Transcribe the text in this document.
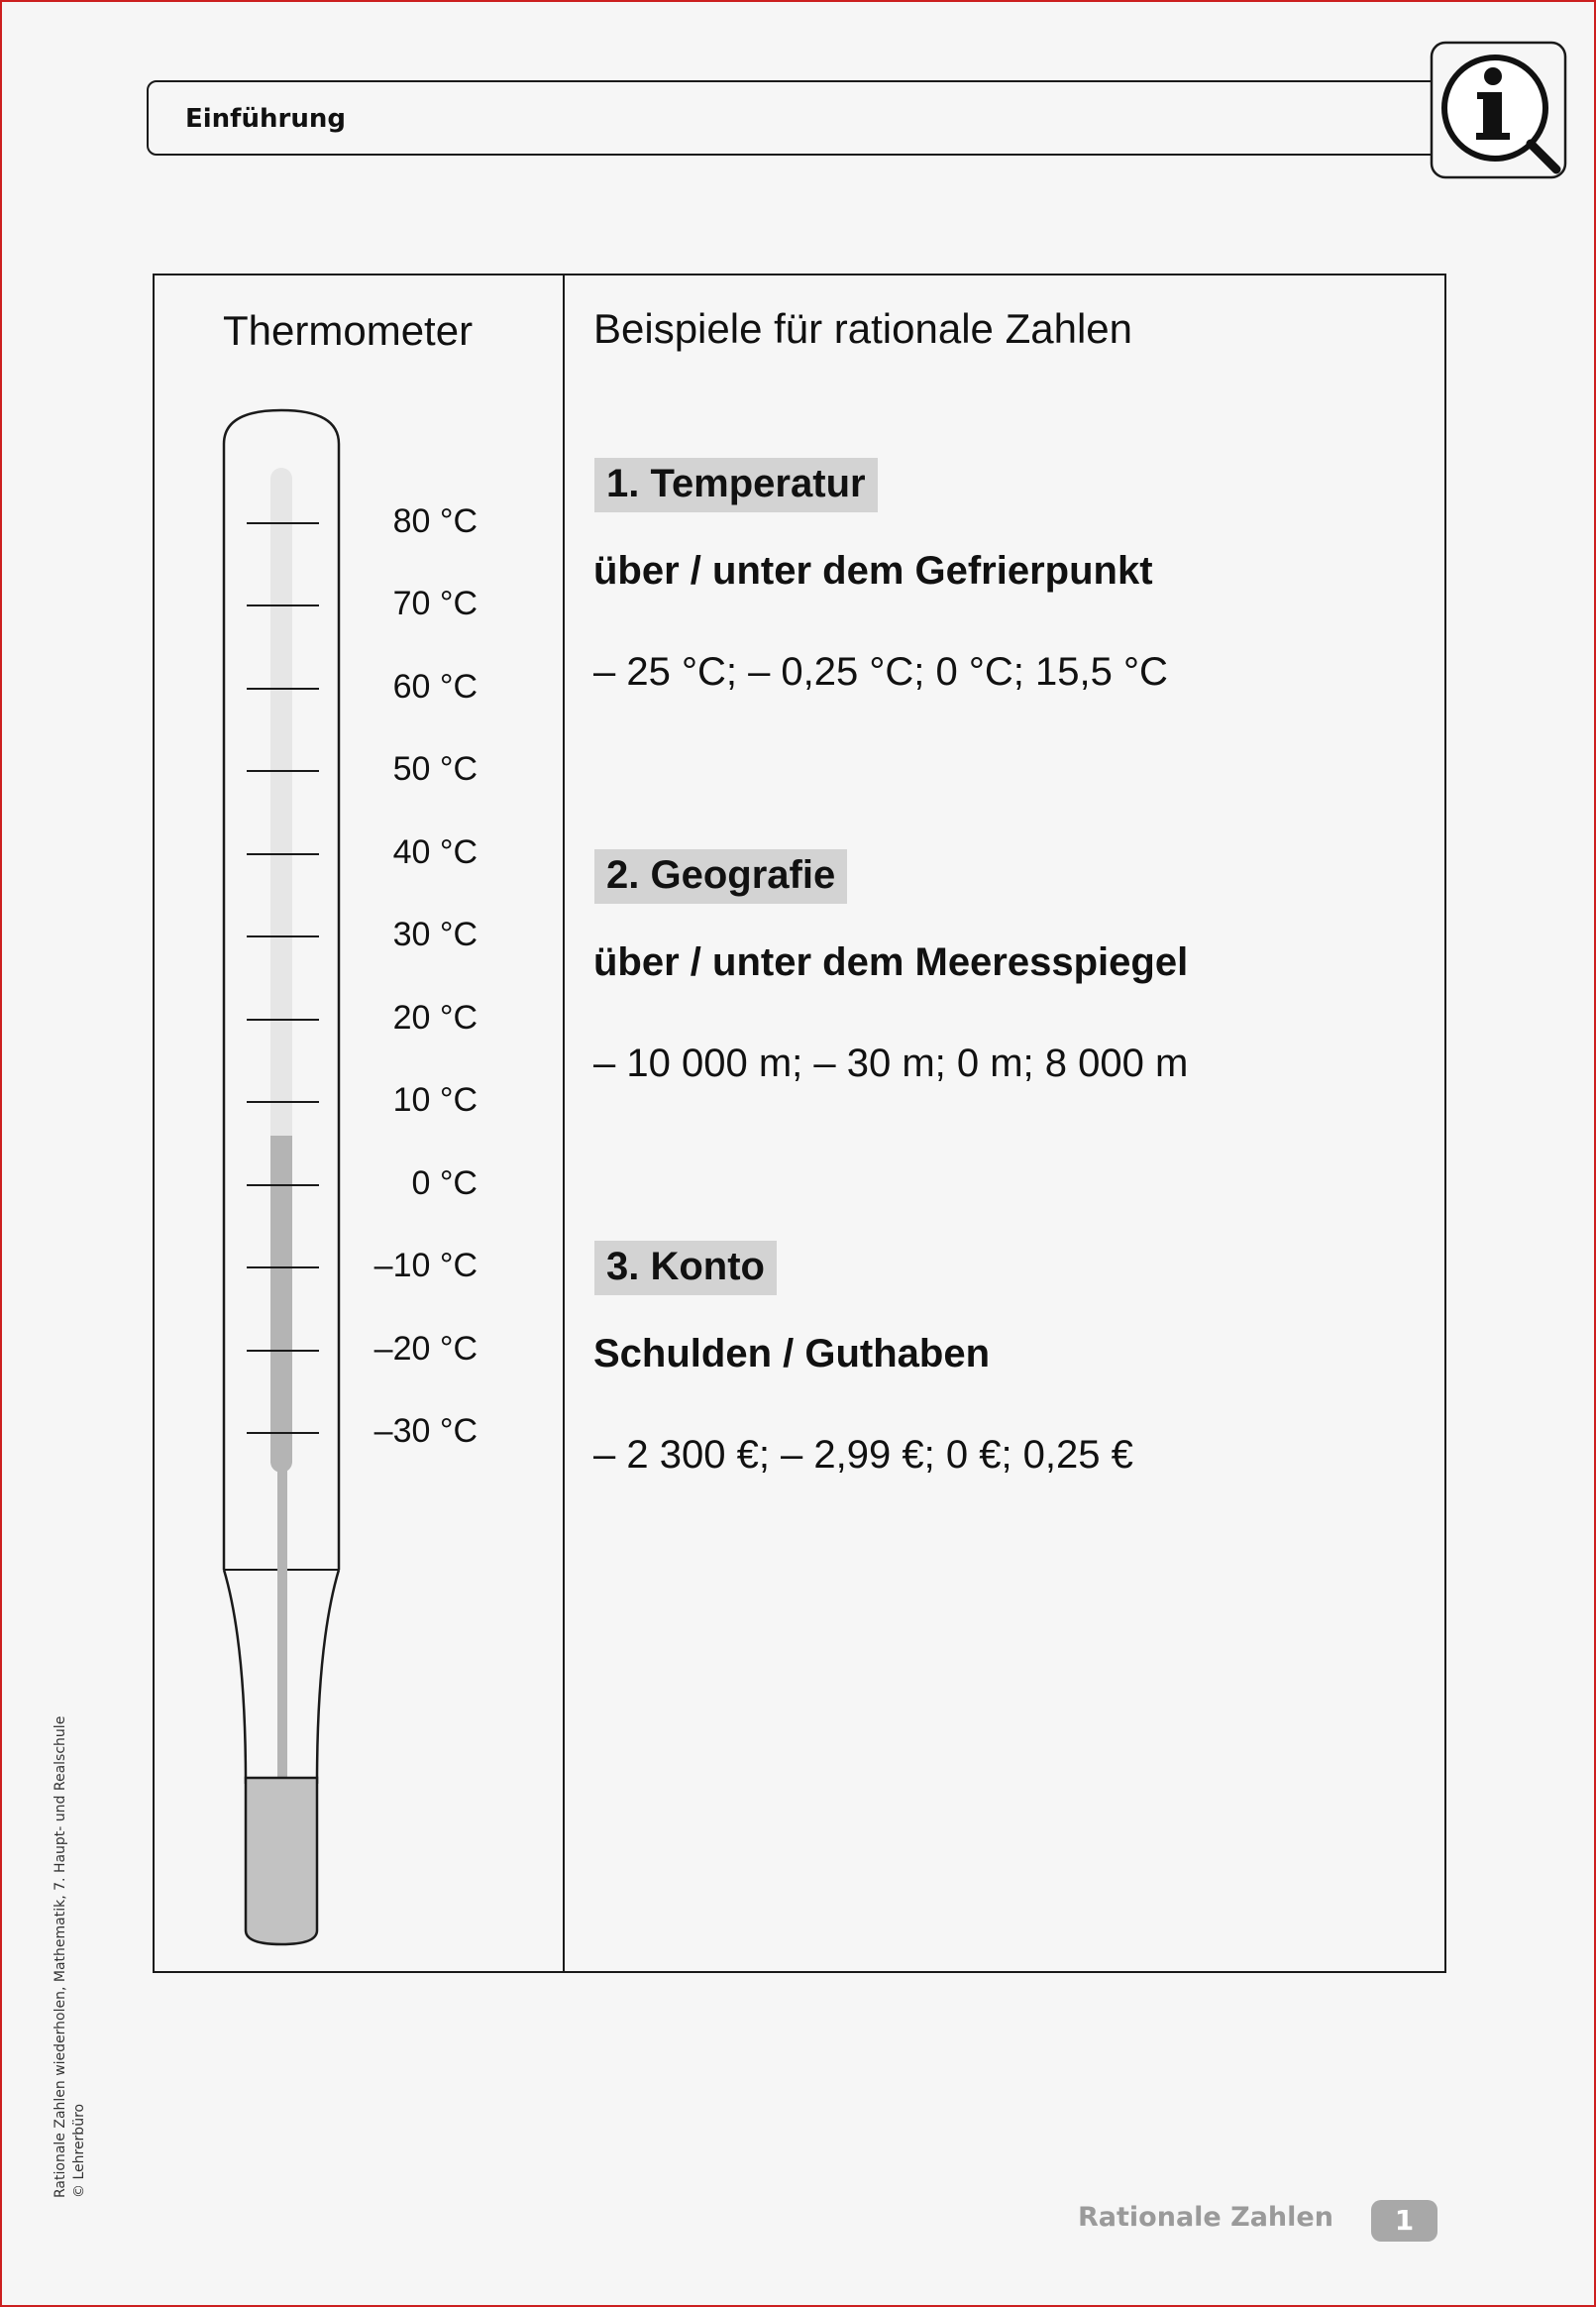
Einführung
Thermometer
80 °C
70 °C
60 °C
50 °C
40 °C
30 °C
20 °C
10 °C
0 °C
–10 °C
–20 °C
–30 °C
Beispiele für rationale Zahlen
1. Temperatur
über / unter dem Gefrierpunkt
– 25 °C; – 0,25 °C; 0 °C; 15,5 °C
2. Geografie
über / unter dem Meeresspiegel
– 10 000 m; – 30 m; 0 m; 8 000 m
3. Konto
Schulden / Guthaben
– 2 300 €; – 2,99 €; 0 €; 0,25 €
Rationale Zahlen wiederholen, Mathematik, 7. Haupt- und Realschule © Lehrerbüro
Rationale Zahlen	1
